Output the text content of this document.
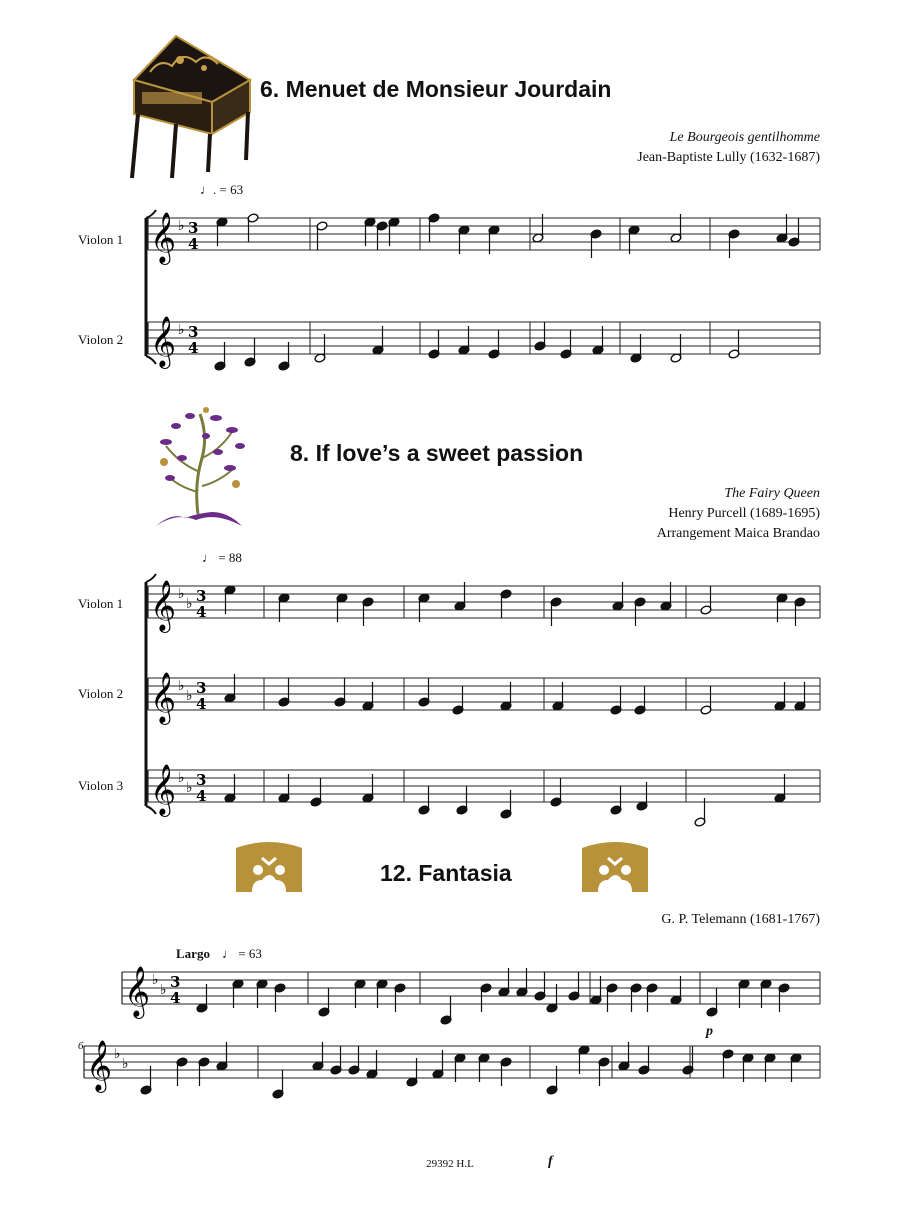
6. Menuet de Monsieur Jourdain
Le Bourgeois gentilhomme
Jean-Baptiste Lully (1632-1687)
♩. = 63
Violon 1
Violon 2
𝄞 ♭ 3
4
𝄞 ♭ 3
4
𝄞 ♭
♭ 3
4
𝄞 ♭
♭ 3
4
𝄞 ♭
♭ 3
4
𝄞 ♭
♭ 3
4
𝄞 ♭
♭
8. If love’s a sweet passion
The Fairy Queen
Henry Purcell (1689-1695)
Arrangement Maica Brandao
♩ = 88
Violon 1
Violon 2
Violon 3
12. Fantasia
G. P. Telemann (1681-1767)
Largo ♩ = 63
6
p
f
29392 H.L
